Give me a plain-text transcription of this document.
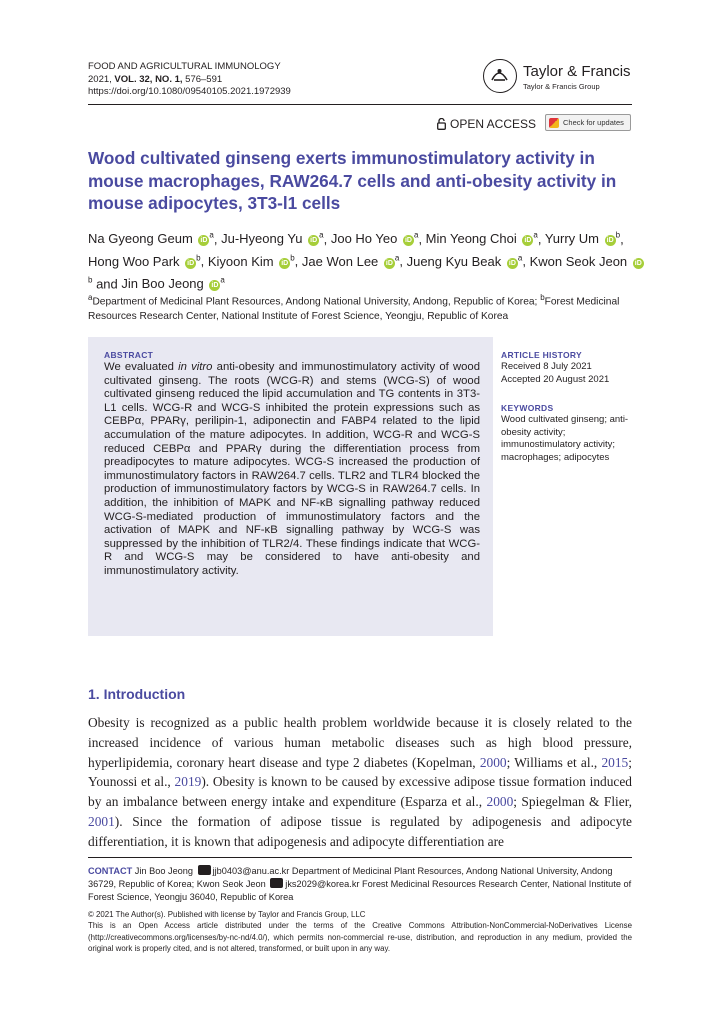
FOOD AND AGRICULTURAL IMMUNOLOGY
2021, VOL. 32, NO. 1, 576–591
https://doi.org/10.1080/09540105.2021.1972939
Taylor & Francis
Taylor & Francis Group
OPEN ACCESS	Check for updates
Wood cultivated ginseng exerts immunostimulatory activity in mouse macrophages, RAW264.7 cells and anti-obesity activity in mouse adipocytes, 3T3-l1 cells
Na Gyeong Geum $iD^a$, Ju-Hyeong Yu $iD^a$, Joo Ho Yeo $iD^a$, Min Yeong Choi $iD^a$, Yurry Um $iD^b$, Hong Woo Park $iD^b$, Kiyoon Kim $iD^b$, Jae Won Lee $iD^a$, Jueng Kyu Beak $iD^a$, Kwon Seok Jeon $iD^b$ and Jin Boo Jeong $iD^a$
$^a$Department of Medicinal Plant Resources, Andong National University, Andong, Republic of Korea; $^b$Forest Medicinal Resources Research Center, National Institute of Forest Science, Yeongju, Republic of Korea
ABSTRACT
We evaluated in vitro anti-obesity and immunostimulatory activity of wood cultivated ginseng. The roots (WCG-R) and stems (WCG-S) of wood cultivated ginseng reduced the lipid accumulation and TG contents in 3T3-L1 cells. WCG-R and WCG-S inhibited the protein expressions such as CEBPα, PPARγ, perilipin-1, adiponectin and FABP4 related to the lipid accumulation of the mature adipocytes. In addition, WCG-R and WCG-S reduced CEBPα and PPARγ during the differentiation process from preadipocytes to mature adipocytes. WCG-S increased the production of immunostimulatory factors in RAW264.7 cells. TLR2 and TLR4 blocked the production of immunostimulatory factors by WCG-S in RAW264.7 cells. In addition, the inhibition of MAPK and NF-κB signalling pathway reduced WCG-S-mediated production of immunostimulatory factors and the activation of MAPK and NF-κB signalling pathway by WCG-S was suppressed by the inhibition of TLR2/4. These findings indicate that WCG-R and WCG-S may be considered to have anti-obesity and immunostimulatory activity.
ARTICLE HISTORY
Received 8 July 2021
Accepted 20 August 2021
KEYWORDS
Wood cultivated ginseng; anti-obesity activity; immunostimulatory activity; macrophages; adipocytes
1. Introduction
Obesity is recognized as a public health problem worldwide because it is closely related to the increased incidence of various human metabolic diseases such as high blood pressure, hyperlipidemia, coronary heart disease and type 2 diabetes (Kopelman, 2000; Williams et al., 2015; Younossi et al., 2019). Obesity is known to be caused by excessive adipose tissue formation induced by an imbalance between energy intake and expenditure (Esparza et al., 2000; Spiegelman & Flier, 2001). Since the formation of adipose tissue is regulated by adipogenesis and adipocyte differentiation, it is known that adipogenesis and adipocyte differentiation are
CONTACT Jin Boo Jeong jjb0403@anu.ac.kr Department of Medicinal Plant Resources, Andong National University, Andong 36729, Republic of Korea; Kwon Seok Jeon jks2029@korea.kr Forest Medicinal Resources Research Center, National Institute of Forest Science, Yeongju 36040, Republic of Korea
© 2021 The Author(s). Published with license by Taylor and Francis Group, LLC
This is an Open Access article distributed under the terms of the Creative Commons Attribution-NonCommercial-NoDerivatives License (http://creativecommons.org/licenses/by-nc-nd/4.0/), which permits non-commercial re-use, distribution, and reproduction in any medium, provided the original work is properly cited, and is not altered, transformed, or built upon in any way.
